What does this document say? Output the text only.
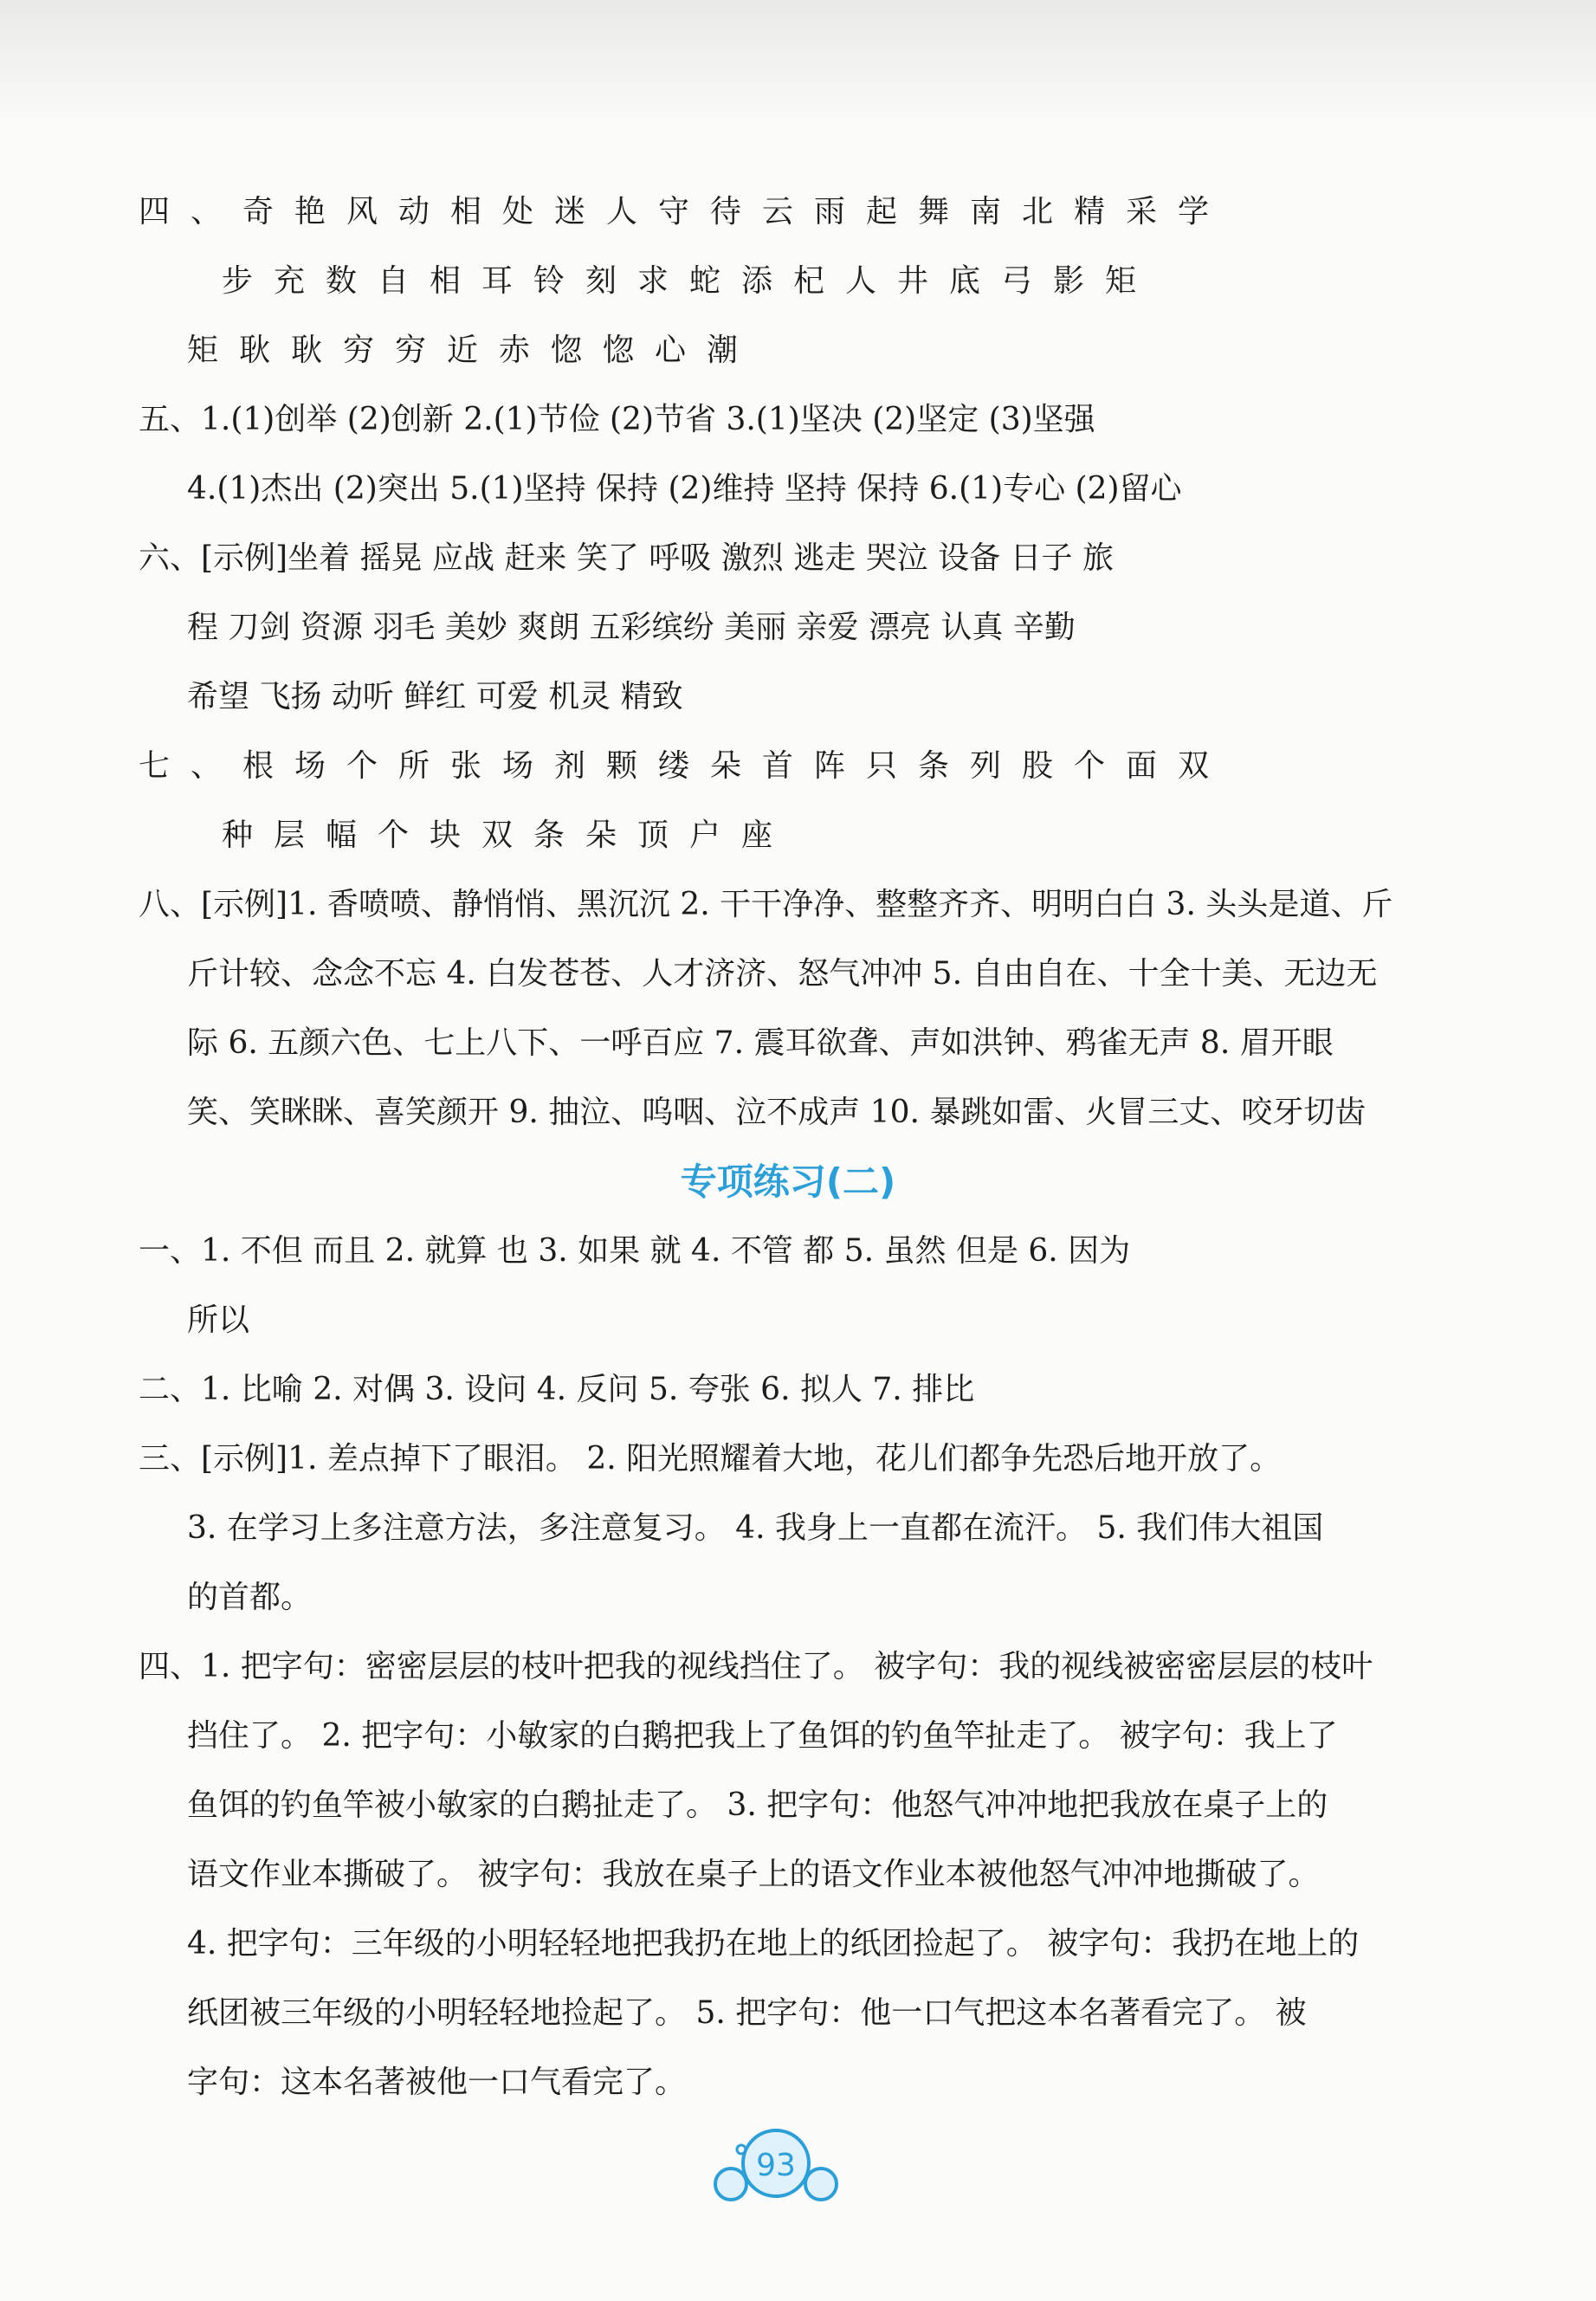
四、奇艳风动相处迷人守待云雨起舞南北精采学
步充数自相耳铃刻求蛇添杞人井底弓影矩
矩耿耿穷穷近赤惚惚心潮
五、1.(1)创举 (2)创新 2.(1)节俭 (2)节省 3.(1)坚决 (2)坚定 (3)坚强
4.(1)杰出 (2)突出 5.(1)坚持 保持 (2)维持 坚持 保持 6.(1)专心 (2)留心
六、[示例]坐着 摇晃 应战 赶来 笑了 呼吸 激烈 逃走 哭泣 设备 日子 旅
程 刀剑 资源 羽毛 美妙 爽朗 五彩缤纷 美丽 亲爱 漂亮 认真 辛勤
希望 飞扬 动听 鲜红 可爱 机灵 精致
七、根场个所张场剂颗缕朵首阵只条列股个面双
种层幅个块双条朵顶户座
八、[示例]1. 香喷喷、静悄悄、黑沉沉 2. 干干净净、整整齐齐、明明白白 3. 头头是道、斤
斤计较、念念不忘 4. 白发苍苍、人才济济、怒气冲冲 5. 自由自在、十全十美、无边无
际 6. 五颜六色、七上八下、一呼百应 7. 震耳欲聋、声如洪钟、鸦雀无声 8. 眉开眼
笑、笑眯眯、喜笑颜开 9. 抽泣、呜咽、泣不成声 10. 暴跳如雷、火冒三丈、咬牙切齿
专项练习(二)
一、1. 不但 而且 2. 就算 也 3. 如果 就 4. 不管 都 5. 虽然 但是 6. 因为
所以
二、1. 比喻 2. 对偶 3. 设问 4. 反问 5. 夸张 6. 拟人 7. 排比
三、[示例]1. 差点掉下了眼泪。 2. 阳光照耀着大地，花儿们都争先恐后地开放了。
3. 在学习上多注意方法，多注意复习。 4. 我身上一直都在流汗。 5. 我们伟大祖国
的首都。
四、1. 把字句：密密层层的枝叶把我的视线挡住了。 被字句：我的视线被密密层层的枝叶
挡住了。 2. 把字句：小敏家的白鹅把我上了鱼饵的钓鱼竿扯走了。 被字句：我上了
鱼饵的钓鱼竿被小敏家的白鹅扯走了。 3. 把字句：他怒气冲冲地把我放在桌子上的
语文作业本撕破了。 被字句：我放在桌子上的语文作业本被他怒气冲冲地撕破了。
4. 把字句：三年级的小明轻轻地把我扔在地上的纸团捡起了。 被字句：我扔在地上的
纸团被三年级的小明轻轻地捡起了。 5. 把字句：他一口气把这本名著看完了。 被
字句：这本名著被他一口气看完了。
93
